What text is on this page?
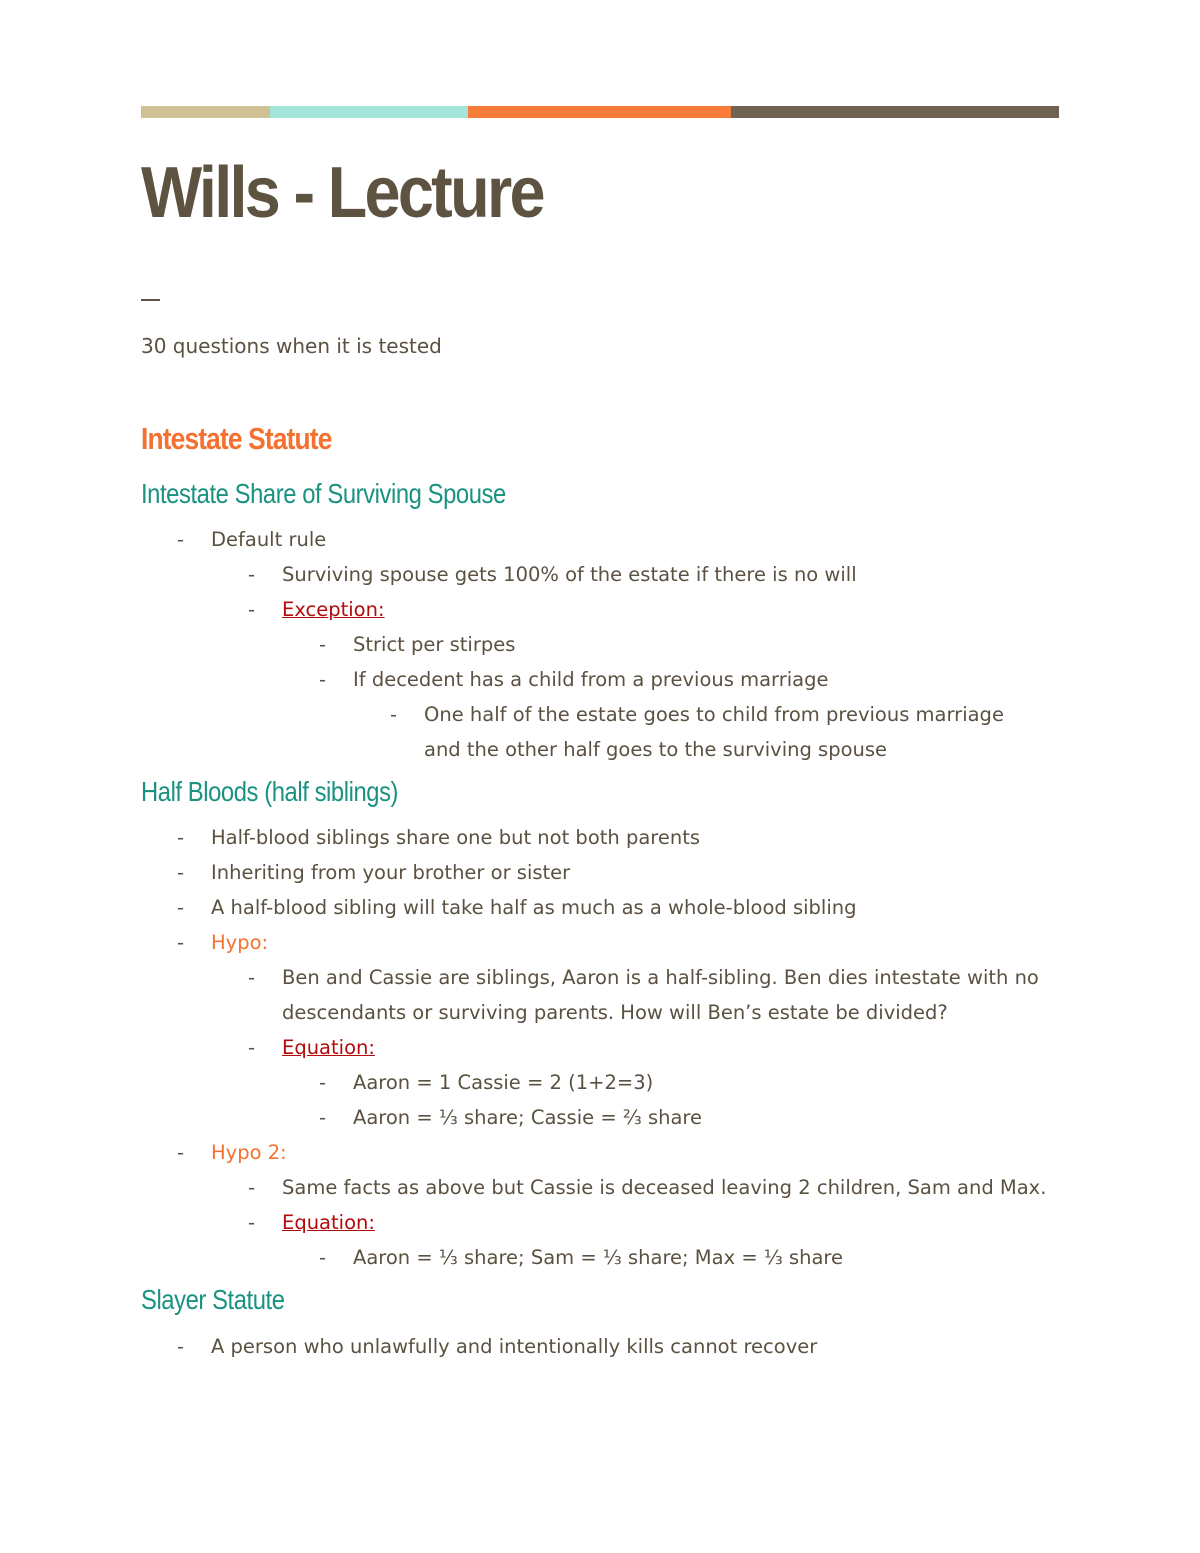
Wills - Lecture
30 questions when it is tested
Intestate Statute
Intestate Share of Surviving Spouse
- Default rule
- Surviving spouse gets 100% of the estate if there is no will
- Exception:
- Strict per stirpes
- If decedent has a child from a previous marriage
- One half of the estate goes to child from previous marriage
and the other half goes to the surviving spouse
Half Bloods (half siblings)
- Half-blood siblings share one but not both parents
- Inheriting from your brother or sister
- A half-blood sibling will take half as much as a whole-blood sibling
- Hypo:
- Ben and Cassie are siblings, Aaron is a half-sibling. Ben dies intestate with no
descendants or surviving parents. How will Ben’s estate be divided?
- Equation:
- Aaron = 1 Cassie = 2 (1+2=3)
- Aaron = ⅓ share; Cassie = ⅔ share
- Hypo 2:
- Same facts as above but Cassie is deceased leaving 2 children, Sam and Max.
- Equation:
- Aaron = ⅓ share; Sam = ⅓ share; Max = ⅓ share
Slayer Statute
- A person who unlawfully and intentionally kills cannot recover
